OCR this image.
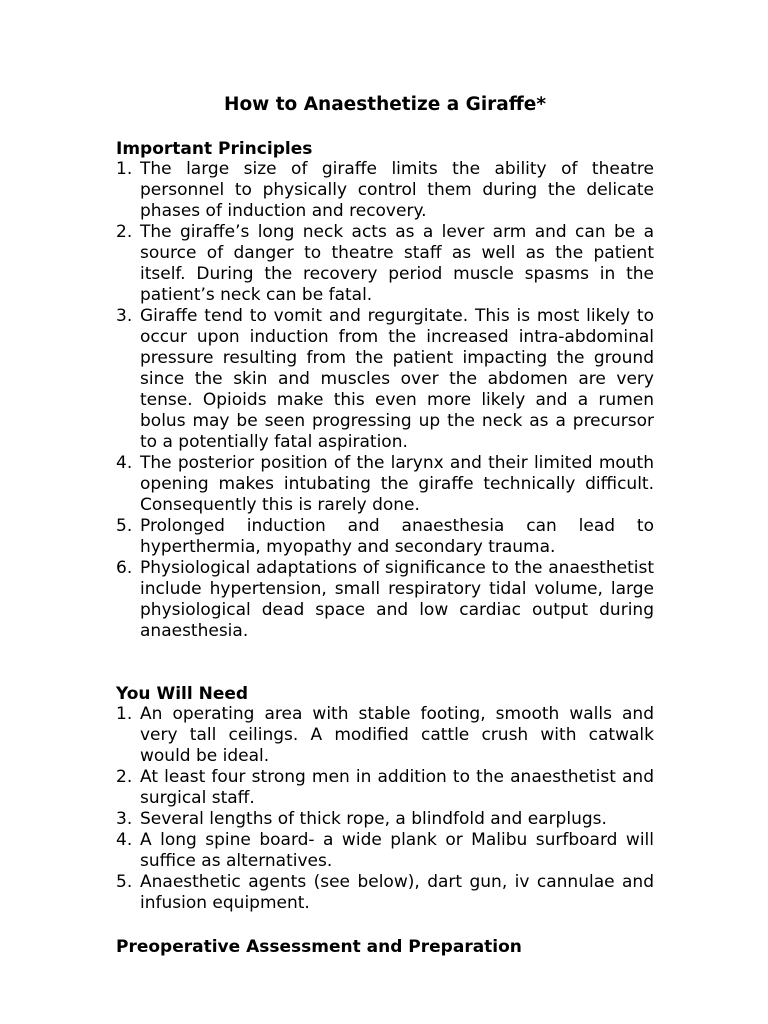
How to Anaesthetize a Giraffe*
Important Principles
1. The large size of giraffe limits the ability of theatre personnel to physically control them during the delicate phases of induction and recovery.
2. The giraffe’s long neck acts as a lever arm and can be a source of danger to theatre staff as well as the patient itself. During the recovery period muscle spasms in the patient’s neck can be fatal.
3. Giraffe tend to vomit and regurgitate. This is most likely to occur upon induction from the increased intra-abdominal pressure resulting from the patient impacting the ground since the skin and muscles over the abdomen are very tense. Opioids make this even more likely and a rumen bolus may be seen progressing up the neck as a precursor to a potentially fatal aspiration.
4. The posterior position of the larynx and their limited mouth opening makes intubating the giraffe technically difficult. Consequently this is rarely done.
5. Prolonged induction and anaesthesia can lead to hyperthermia, myopathy and secondary trauma.
6. Physiological adaptations of significance to the anaesthetist include hypertension, small respiratory tidal volume, large physiological dead space and low cardiac output during anaesthesia.
You Will Need
1. An operating area with stable footing, smooth walls and very tall ceilings. A modified cattle crush with catwalk would be ideal.
2. At least four strong men in addition to the anaesthetist and surgical staff.
3. Several lengths of thick rope, a blindfold and earplugs.
4. A long spine board- a wide plank or Malibu surfboard will suffice as alternatives.
5. Anaesthetic agents (see below), dart gun, iv cannulae and infusion equipment.
Preoperative Assessment and Preparation
